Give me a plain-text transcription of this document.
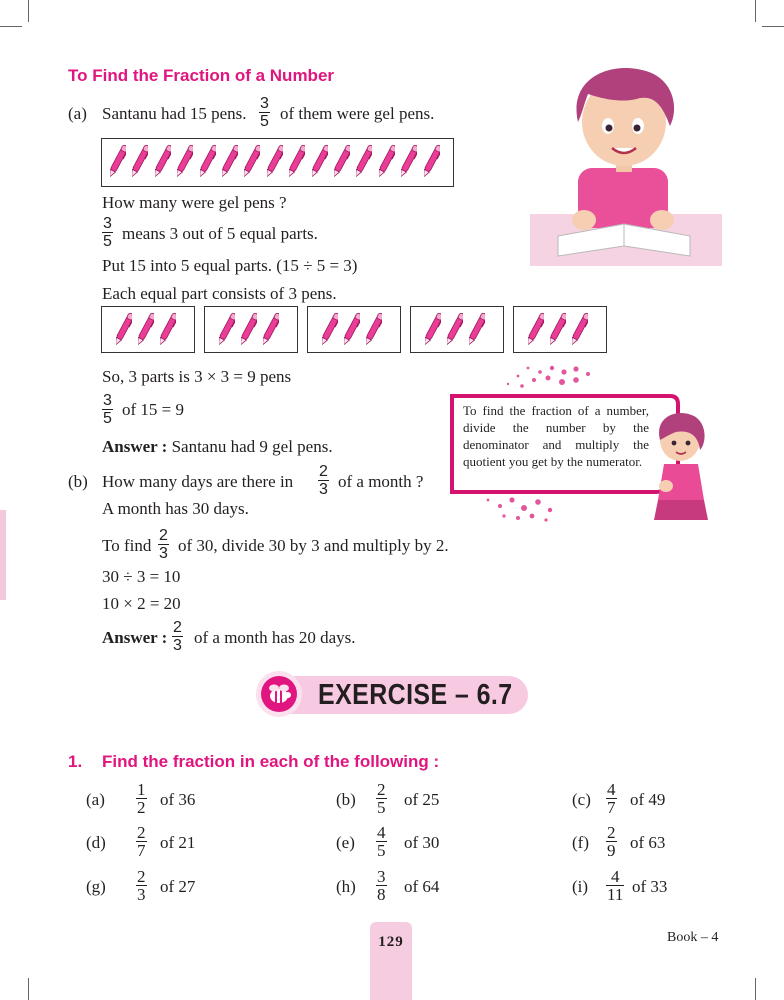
To Find the Fraction of a Number
(a) Santanu had 15 pens. $\frac{3}{5}$ of them were gel pens.
How many were gel pens ?
$\frac{3}{5}$ means 3 out of 5 equal parts.
Put 15 into 5 equal parts. (15 ÷ 5 = 3)
Each equal part consists of 3 pens.
So, 3 parts is 3 × 3 = 9 pens
$\frac{3}{5}$ of 15 = 9
Answer : Santanu had 9 gel pens.
(b) How many days are there in $\frac{2}{3}$ of a month ?
A month has 30 days.
To find $\frac{2}{3}$ of 30, divide 30 by 3 and multiply by 2.
30 ÷ 3 = 10
10 × 2 = 20
Answer : $\frac{2}{3}$ of a month has 20 days.
To find the fraction of a number, divide the number by the denominator and multiply the quotient you get by the numerator.
EXERCISE – 6.7
1. Find the fraction in each of the following :
$(a) \frac{1}{2}$ of 36	$(b) \frac{2}{5}$ of 25	$(c) \frac{4}{7}$ of 49
$(d) \frac{2}{7}$ of 21	$(e) \frac{4}{5}$ of 30	$(f) \frac{2}{9}$ of 63
$(g) \frac{2}{3}$ of 27	$(h) \frac{3}{8}$ of 64	$(i) \frac{4}{11}$ of 33
129	Book – 4
